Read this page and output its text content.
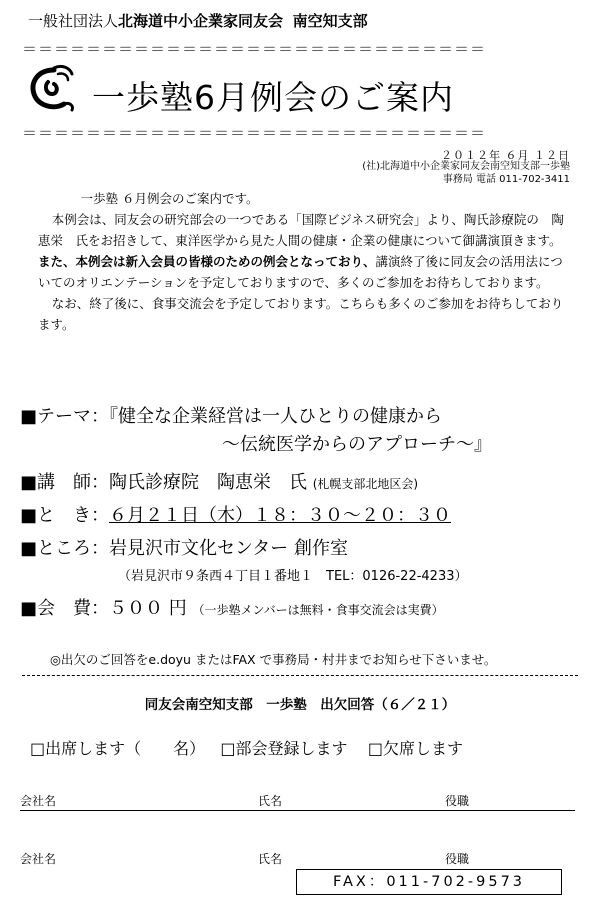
一般社団法人北海道中小企業家同友会 南空知支部
＝＝＝＝＝＝＝＝＝＝＝＝＝＝＝＝＝＝＝＝＝＝＝＝＝＝＝＝＝
一歩塾6月例会のご案内
＝＝＝＝＝＝＝＝＝＝＝＝＝＝＝＝＝＝＝＝＝＝＝＝＝＝＝＝＝
２０１２年 ６月 １２日
(社)北海道中小企業家同友会南空知支部一歩塾
事務局 電話 011-702-3411

一歩塾 ６月例会のご案内です。

本例会は、同友会の研究部会の一つである「国際ビジネス研究会」より、陶氏診療院の　陶恵栄　氏をお招きして、東洋医学から見た人間の健康・企業の健康について御講演頂きます。また、本例会は新入会員の皆様のための例会となっており、講演終了後に同友会の活用法についてのオリエンテーションを予定しておりますので、多くのご参加をお待ちしております。

なお、終了後に、食事交流会を予定しております。こちらも多くのご参加をお待ちしております。

■テーマ：『健全な企業経営は一人ひとりの健康から
～伝統医学からのアプローチ～』
■講　師：陶氏診療院　陶恵栄　氏 (札幌支部北地区会)
■と　き：６月２１日（木）１８：３０～２０：３０
■ところ：岩見沢市文化センター 創作室
（岩見沢市９条西４丁目１番地１　TEL：0126-22-4233）
■会　費：５００ 円 （一歩塾メンバーは無料・食事交流会は実費）
◎出欠のご回答をe.doyu またはFAX で事務局・村井までお知らせ下さいませ。
同友会南空知支部　一歩塾　出欠回答（６／２１）
□出席します（　　名） □部会登録します □欠席します
会社名	氏名	役職
会社名	氏名	役職
FAX：011-702-9573
